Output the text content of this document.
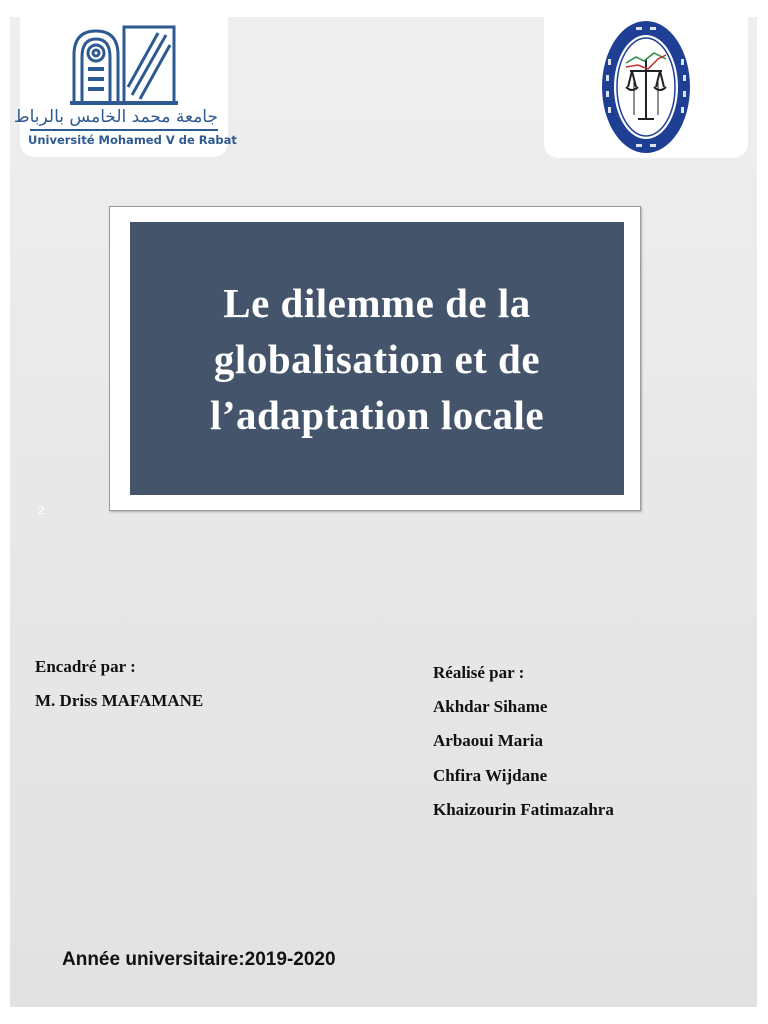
جامعة محمد الخامس بالرباط
Université Mohamed V de Rabat
Le dilemme de la globalisation et de l’adaptation locale
2
Encadré par :
M. Driss MAFAMANE
Réalisé par :
Akhdar Sihame
Arbaoui Maria
Chfira Wijdane
Khaizourin Fatimazahra
Année universitaire:2019-2020
